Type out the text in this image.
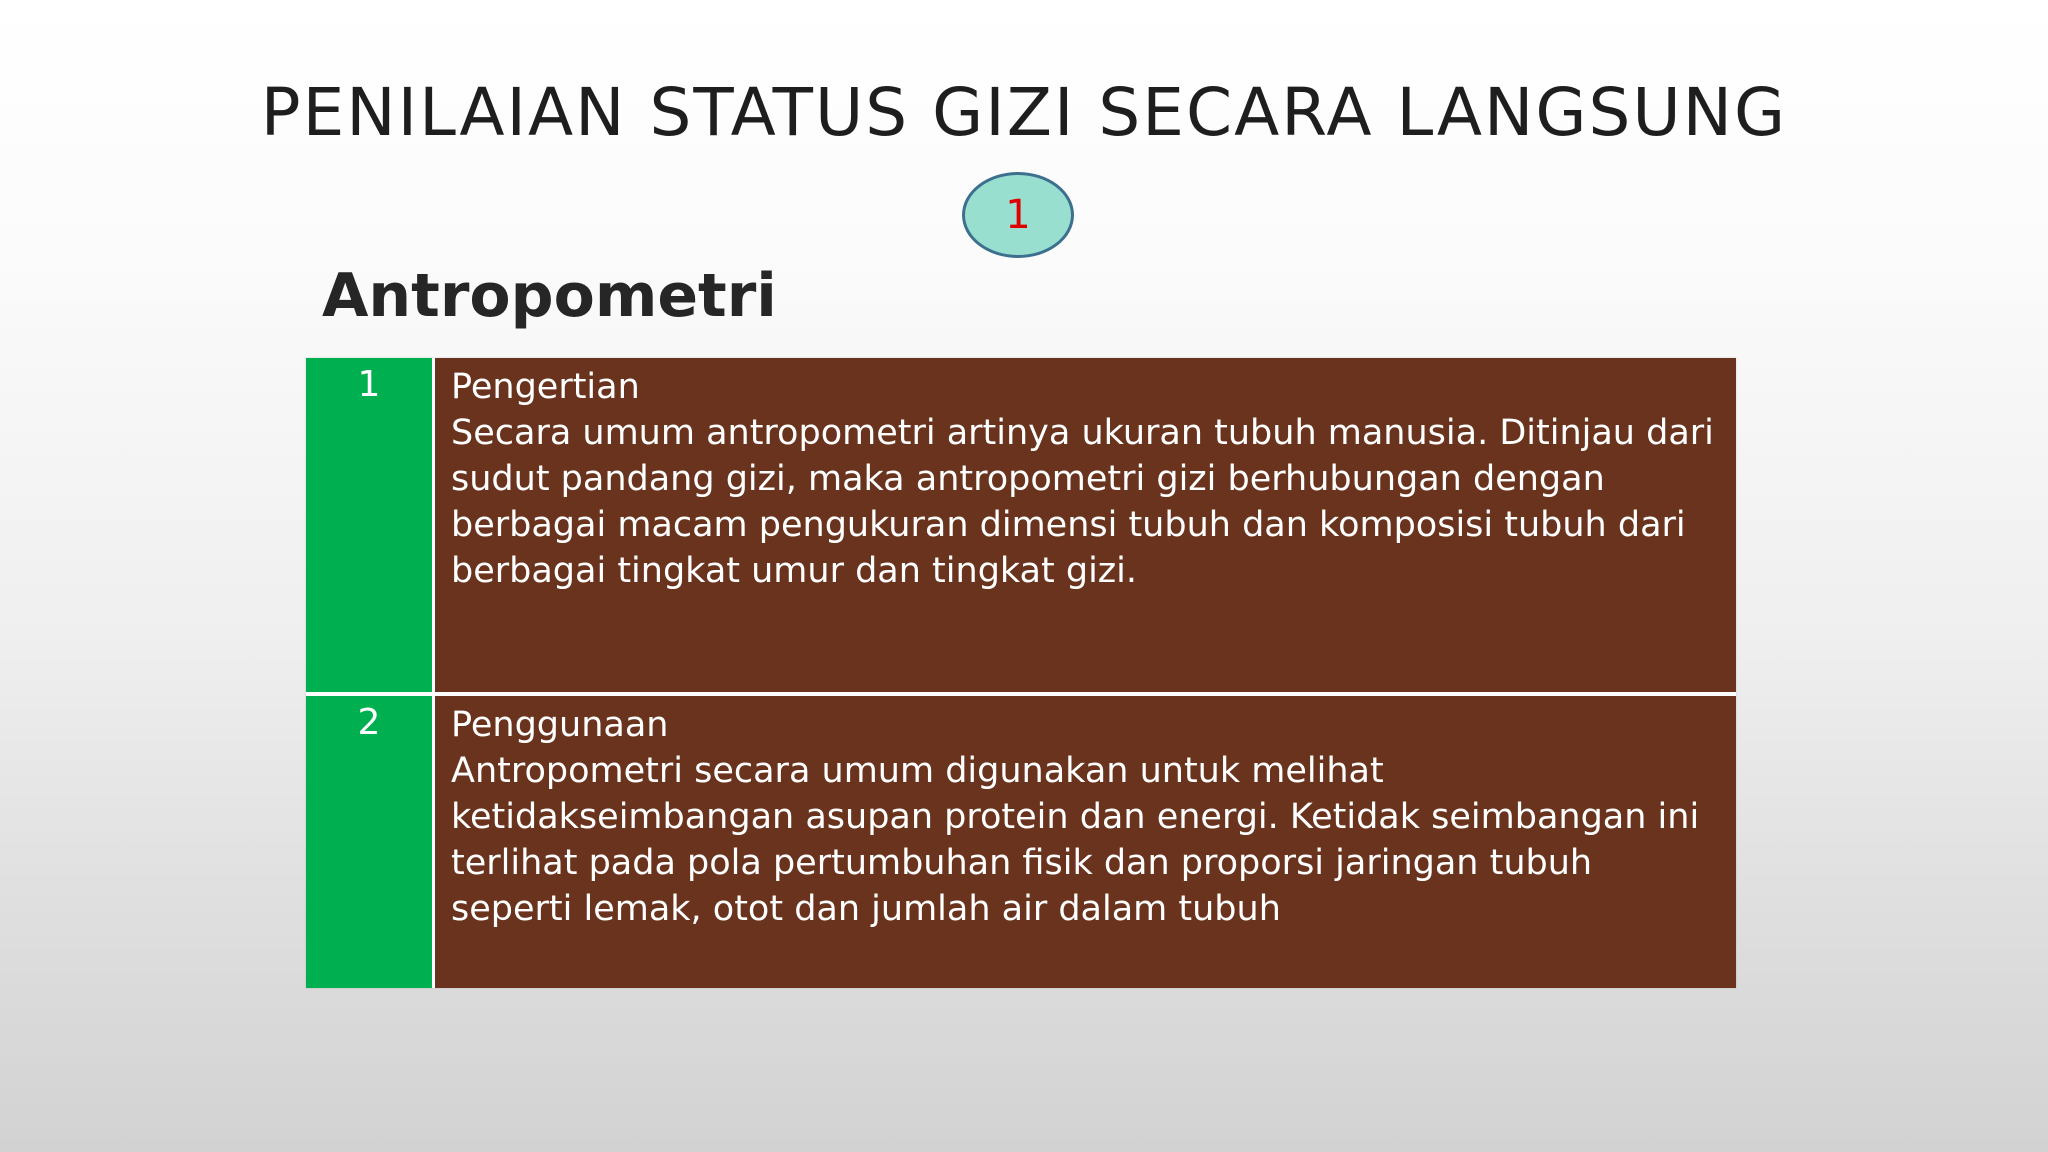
PENILAIAN STATUS GIZI SECARA LANGSUNG
1
Antropometri
1	Pengertian
Secara umum antropometri artinya ukuran tubuh manusia. Ditinjau dari sudut pandang gizi, maka antropometri gizi berhubungan dengan berbagai macam pengukuran dimensi tubuh dan komposisi tubuh dari berbagai tingkat umur dan tingkat gizi.
2	Penggunaan
Antropometri secara umum digunakan untuk melihat ketidakseimbangan asupan protein dan energi. Ketidak seimbangan ini terlihat pada pola pertumbuhan fisik dan proporsi jaringan tubuh seperti lemak, otot dan jumlah air dalam tubuh
